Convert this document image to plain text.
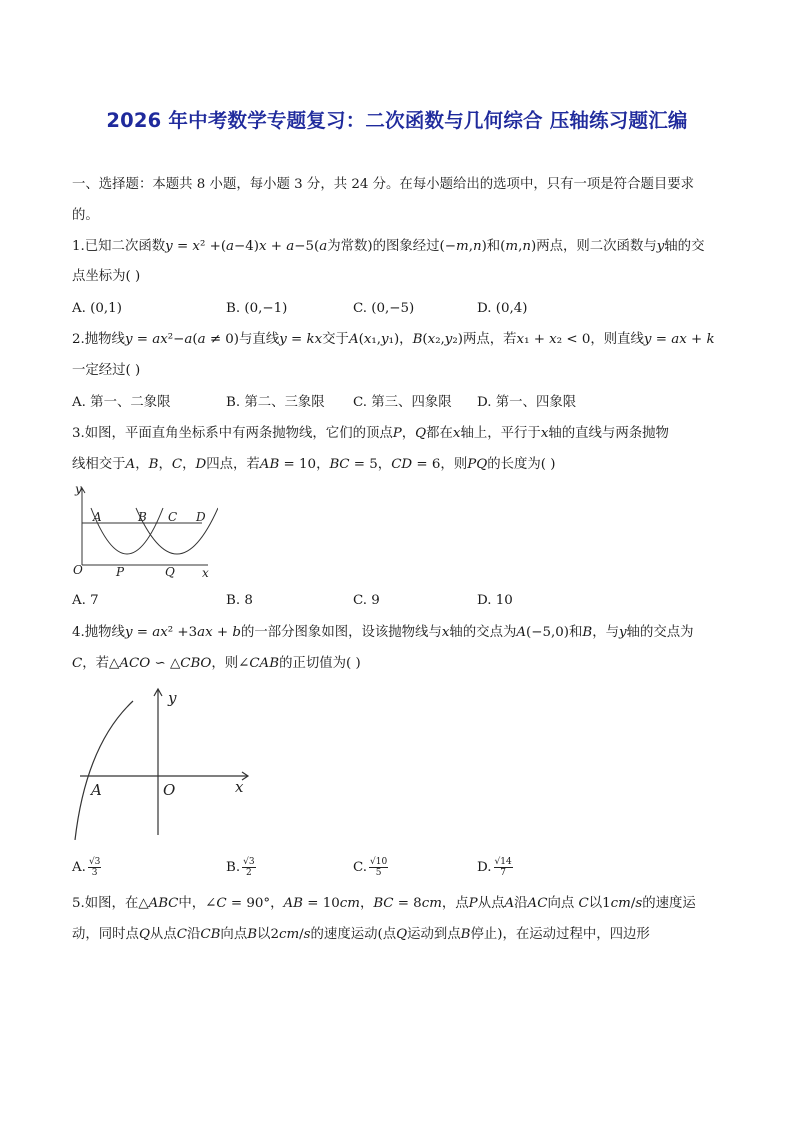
2026 年中考数学专题复习：二次函数与几何综合 压轴练习题汇编
一、选择题：本题共 8 小题，每小题 3 分，共 24 分。在每小题给出的选项中，只有一项是符合题目要求
的。
1.已知二次函数𝑦 = 𝑥² +(𝑎−4)𝑥 + 𝑎−5(𝑎为常数)的图象经过(−𝑚,𝑛)和(𝑚,𝑛)两点，则二次函数与𝑦轴的交
点坐标为( )
A. (0,1)	B. (0,−1)	C. (0,−5)	D. (0,4)
2.抛物线𝑦 = 𝑎𝑥²−𝑎(𝑎 ≠ 0)与直线𝑦 = 𝑘𝑥交于𝐴(𝑥₁,𝑦₁)，𝐵(𝑥₂,𝑦₂)两点，若𝑥₁ + 𝑥₂ < 0，则直线𝑦 = 𝑎𝑥 + 𝑘
一定经过( )
A. 第一、二象限	B. 第二、三象限 C. 第三、四象限 D. 第一、四象限
3.如图，平面直角坐标系中有两条抛物线，它们的顶点𝑃，𝑄都在𝑥轴上，平行于𝑥轴的直线与两条抛物
线相交于𝐴，𝐵，𝐶，𝐷四点，若𝐴𝐵 = 10，𝐵𝐶 = 5，𝐶𝐷 = 6，则𝑃𝑄的长度为( )
y
x
O
A	B C D
P	Q
A. 7	B. 8	C. 9	D. 10
4.抛物线𝑦 = 𝑎𝑥² +3𝑎𝑥 + 𝑏的一部分图象如图，设该抛物线与𝑥轴的交点为𝐴(−5,0)和𝐵，与𝑦轴的交点为
𝐶，若△𝐴𝐶𝑂 ∽ △𝐶𝐵𝑂，则∠𝐶𝐴𝐵的正切值为( )
y
x
O
A
A. $\frac{√3}{3}$	B. $\frac{√3}{2}$	C. $\frac{√10}{5}$	D. $\frac{√14}{7}$
5.如图，在△𝐴𝐵𝐶中，∠𝐶 = 90°，𝐴𝐵 = 10𝑐𝑚，𝐵𝐶 = 8𝑐𝑚，点𝑃从点𝐴沿𝐴𝐶向点 𝐶以1𝑐𝑚/𝑠的速度运
动，同时点𝑄从点𝐶沿𝐶𝐵向点𝐵以2𝑐𝑚/𝑠的速度运动(点𝑄运动到点𝐵停止)，在运动过程中，四边形
